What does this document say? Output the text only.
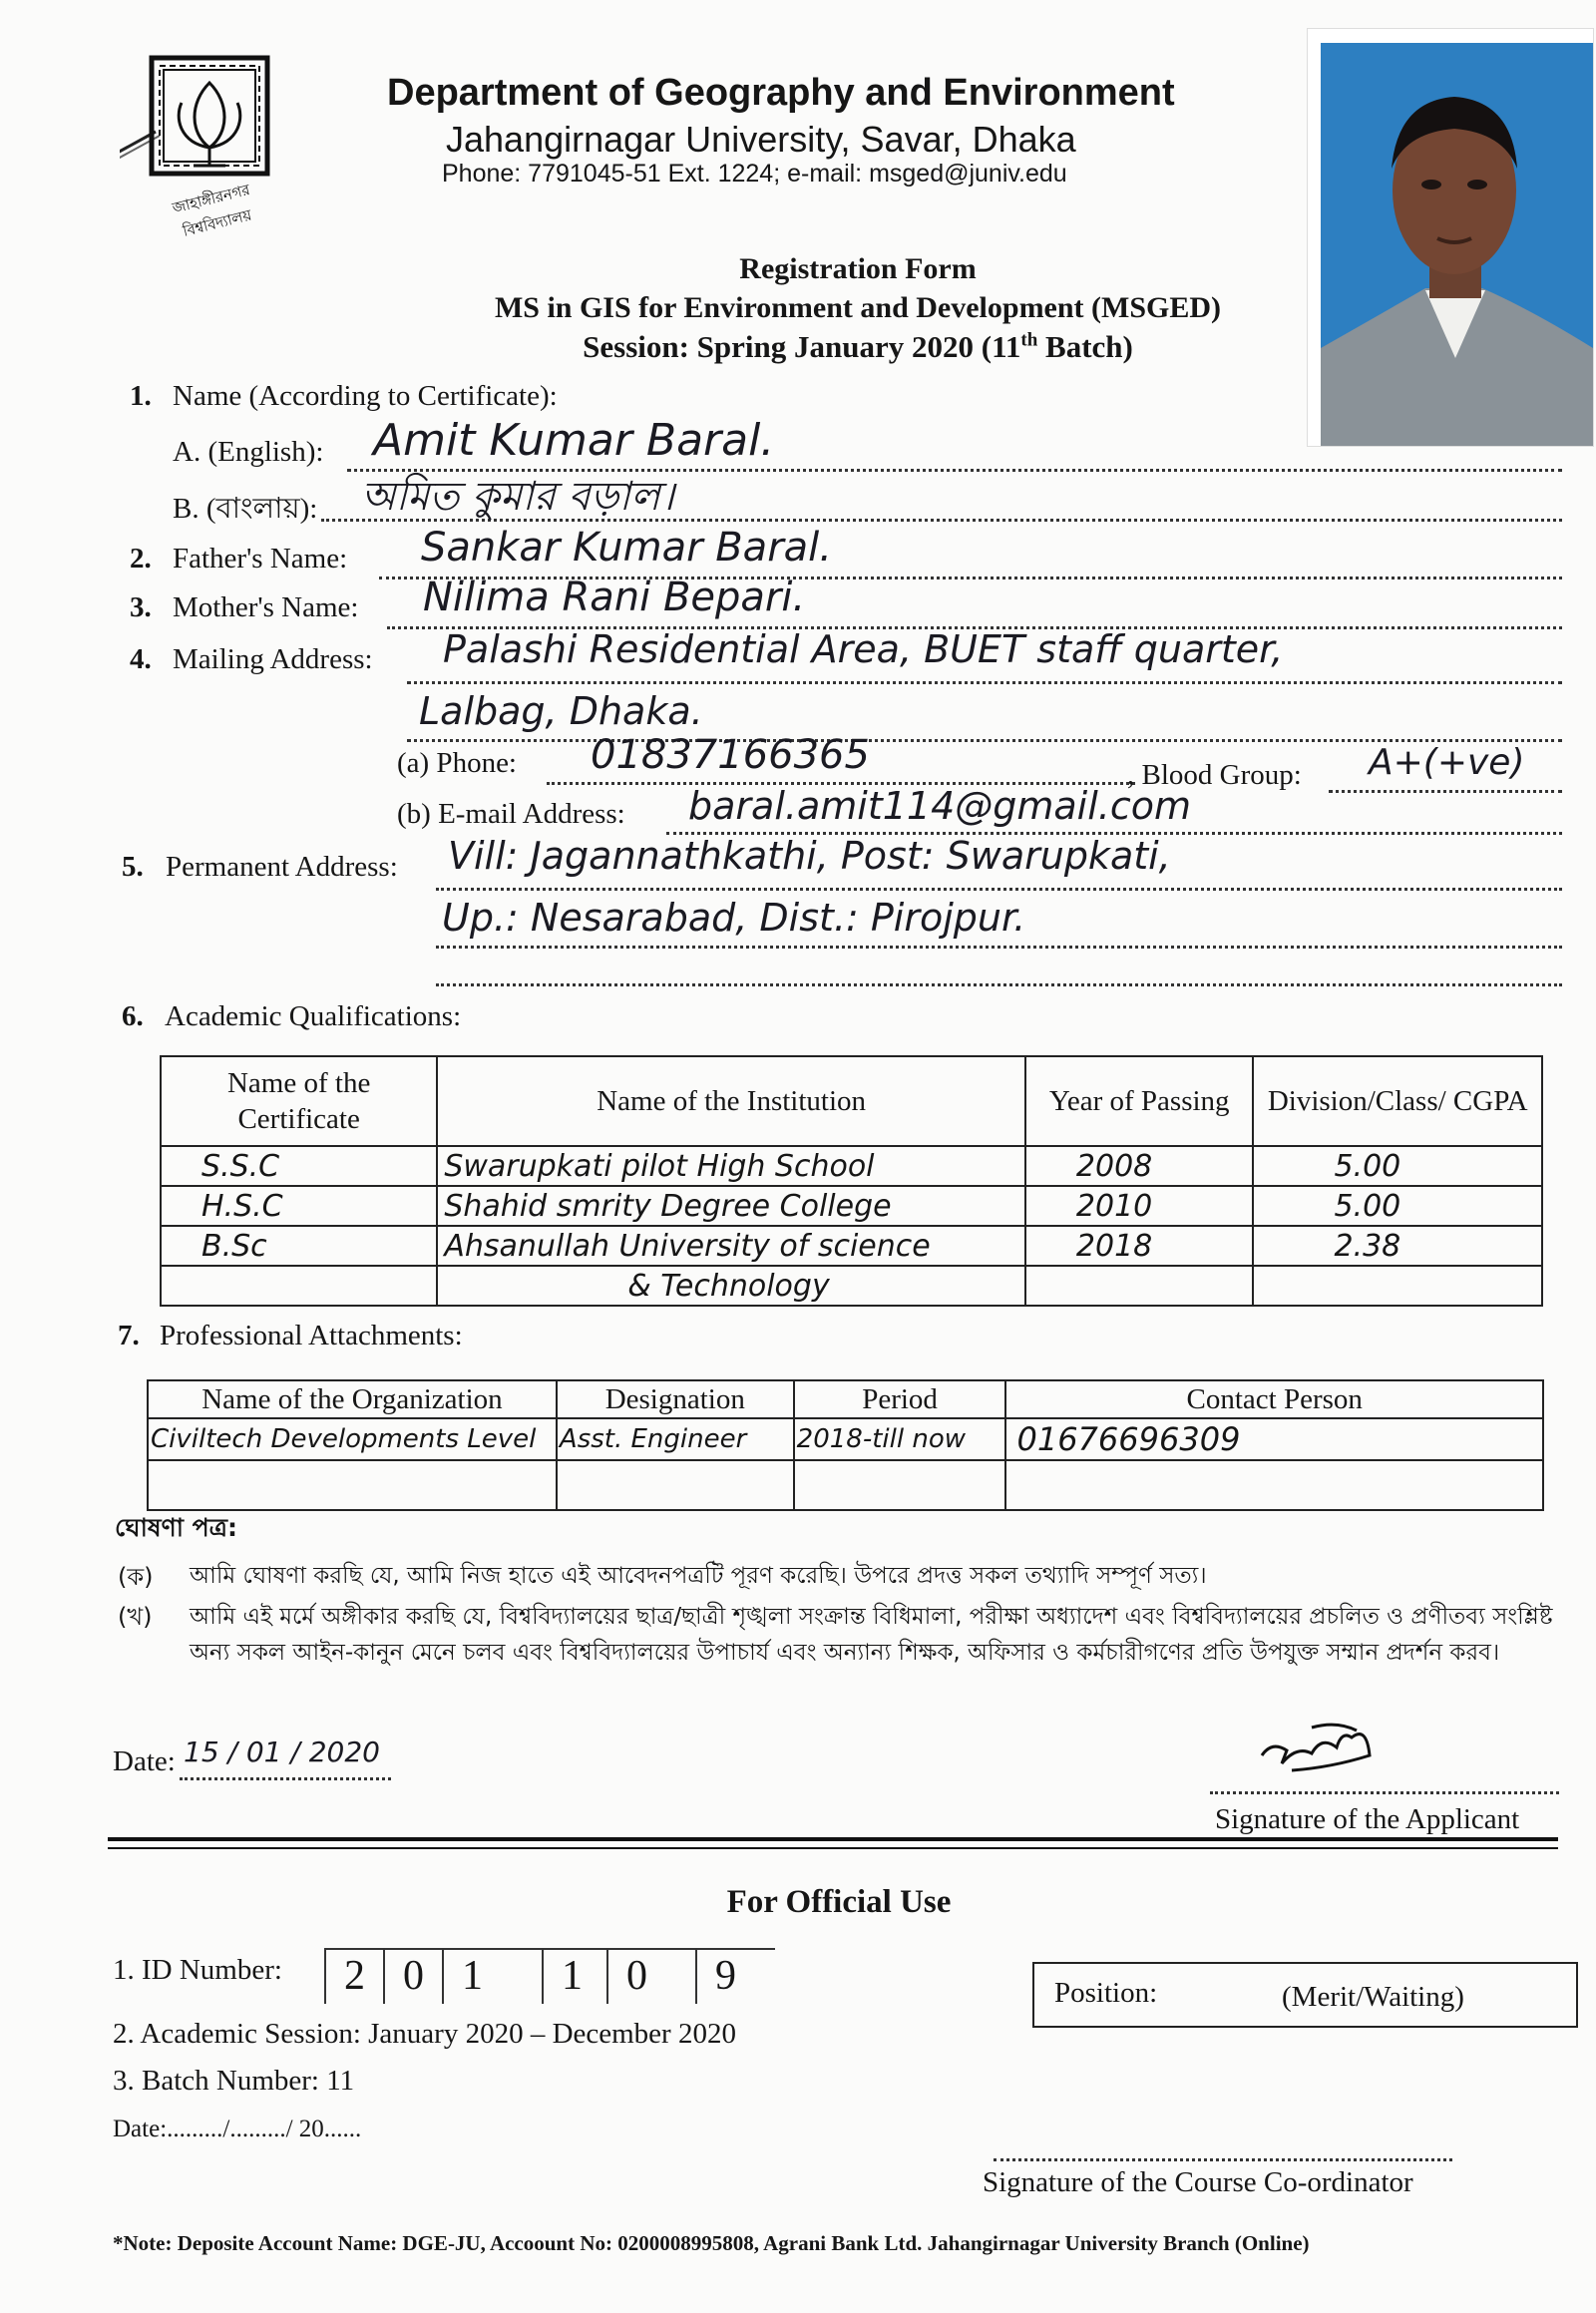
জাহাঙ্গীরনগর বিশ্ববিদ্যালয়
Department of Geography and Environment
Jahangirnagar University, Savar, Dhaka
Phone: 7791045-51 Ext. 1224; e-mail: msged@juniv.edu
Registration Form
MS in GIS for Environment and Development (MSGED)
Session: Spring January 2020 (11th Batch)
1. Name (According to Certificate):
A. (English): Amit Kumar Baral.
B. (বাংলায়): অমিত কুমার বড়াল।
2. Father's Name: Sankar Kumar Baral.
3. Mother's Name: Nilima Rani Bepari.
4. Mailing Address: Palashi Residential Area, BUET staff quarter,
Lalbag, Dhaka.
(a) Phone: 01837166365	, Blood Group: A+(+ve)
(b) E-mail Address: baral.amit114@gmail.com
5. Permanent Address: Vill: Jagannathkathi, Post: Swarupkati,
Up.: Nesarabad, Dist.: Pirojpur.
6. Academic Qualifications:
Name of the Certificate	Name of the Institution	Year of Passing	Division/Class/ CGPA
S.S.C	Swarupkati pilot High School	2008	5.00
H.S.C	Shahid smrity Degree College	2010	5.00
B.Sc	Ahsanullah University of science	2018	2.38
	& Technology		
7. Professional Attachments:
Name of the Organization	Designation	Period	Contact Person
Civiltech Developments Level	Asst. Engineer	2018-till now	01676696309

ঘোষণা পত্র:
(ক) আমি ঘোষণা করছি যে, আমি নিজ হাতে এই আবেদনপত্রটি পূরণ করেছি। উপরে প্রদত্ত সকল তথ্যাদি সম্পূর্ণ সত্য।
(খ) আমি এই মর্মে অঙ্গীকার করছি যে, বিশ্ববিদ্যালয়ের ছাত্র/ছাত্রী শৃঙ্খলা সংক্রান্ত বিধিমালা, পরীক্ষা অধ্যাদেশ এবং বিশ্ববিদ্যালয়ের প্রচলিত ও প্রণীতব্য সংশ্লিষ্ট অন্য সকল আইন-কানুন মেনে চলব এবং বিশ্ববিদ্যালয়ের উপাচার্য এবং অন্যান্য শিক্ষক, অফিসার ও কর্মচারীগণের প্রতি উপযুক্ত সম্মান প্রদর্শন করব।
Date: 15 / 01 / 2020
Signature of the Applicant
For Official Use
1. ID Number:	2 0 1	1	0	9
2. Academic Session: January 2020 – December 2020
3. Batch Number: 11
Date:........./........./ 20......
Position:	(Merit/Waiting)
Signature of the Course Co-ordinator
*Note: Deposite Account Name: DGE-JU, Accoount No: 0200008995808, Agrani Bank Ltd. Jahangirnagar University Branch (Online)
